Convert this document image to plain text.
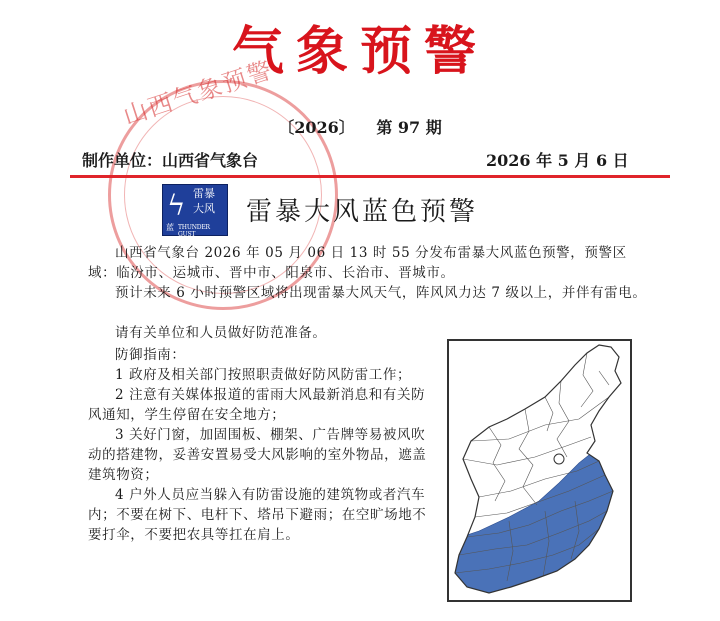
山西气象预警
气象预警
〔2026〕 第 97 期
制作单位：山西省气象台	2026 年 5 月 6 日
ϟ 雷暴
大风
蓝 THUNDER GUST
雷暴大风蓝色预警
山西省气象台 2026 年 05 月 06 日 13 时 55 分发布雷暴大风蓝色预警，预警区域：临汾市、运城市、晋中市、阳泉市、长治市、晋城市。
预计未来 6 小时预警区域将出现雷暴大风天气，阵风风力达 7 级以上，并伴有雷电。
请有关单位和人员做好防范准备。
防御指南：
1 政府及相关部门按照职责做好防风防雷工作；
2 注意有关媒体报道的雷雨大风最新消息和有关防风通知，学生停留在安全地方；
3 关好门窗，加固围板、棚架、广告牌等易被风吹动的搭建物，妥善安置易受大风影响的室外物品，遮盖建筑物资；
4 户外人员应当躲入有防雷设施的建筑物或者汽车内；不要在树下、电杆下、塔吊下避雨；在空旷场地不要打伞，不要把农具等扛在肩上。
